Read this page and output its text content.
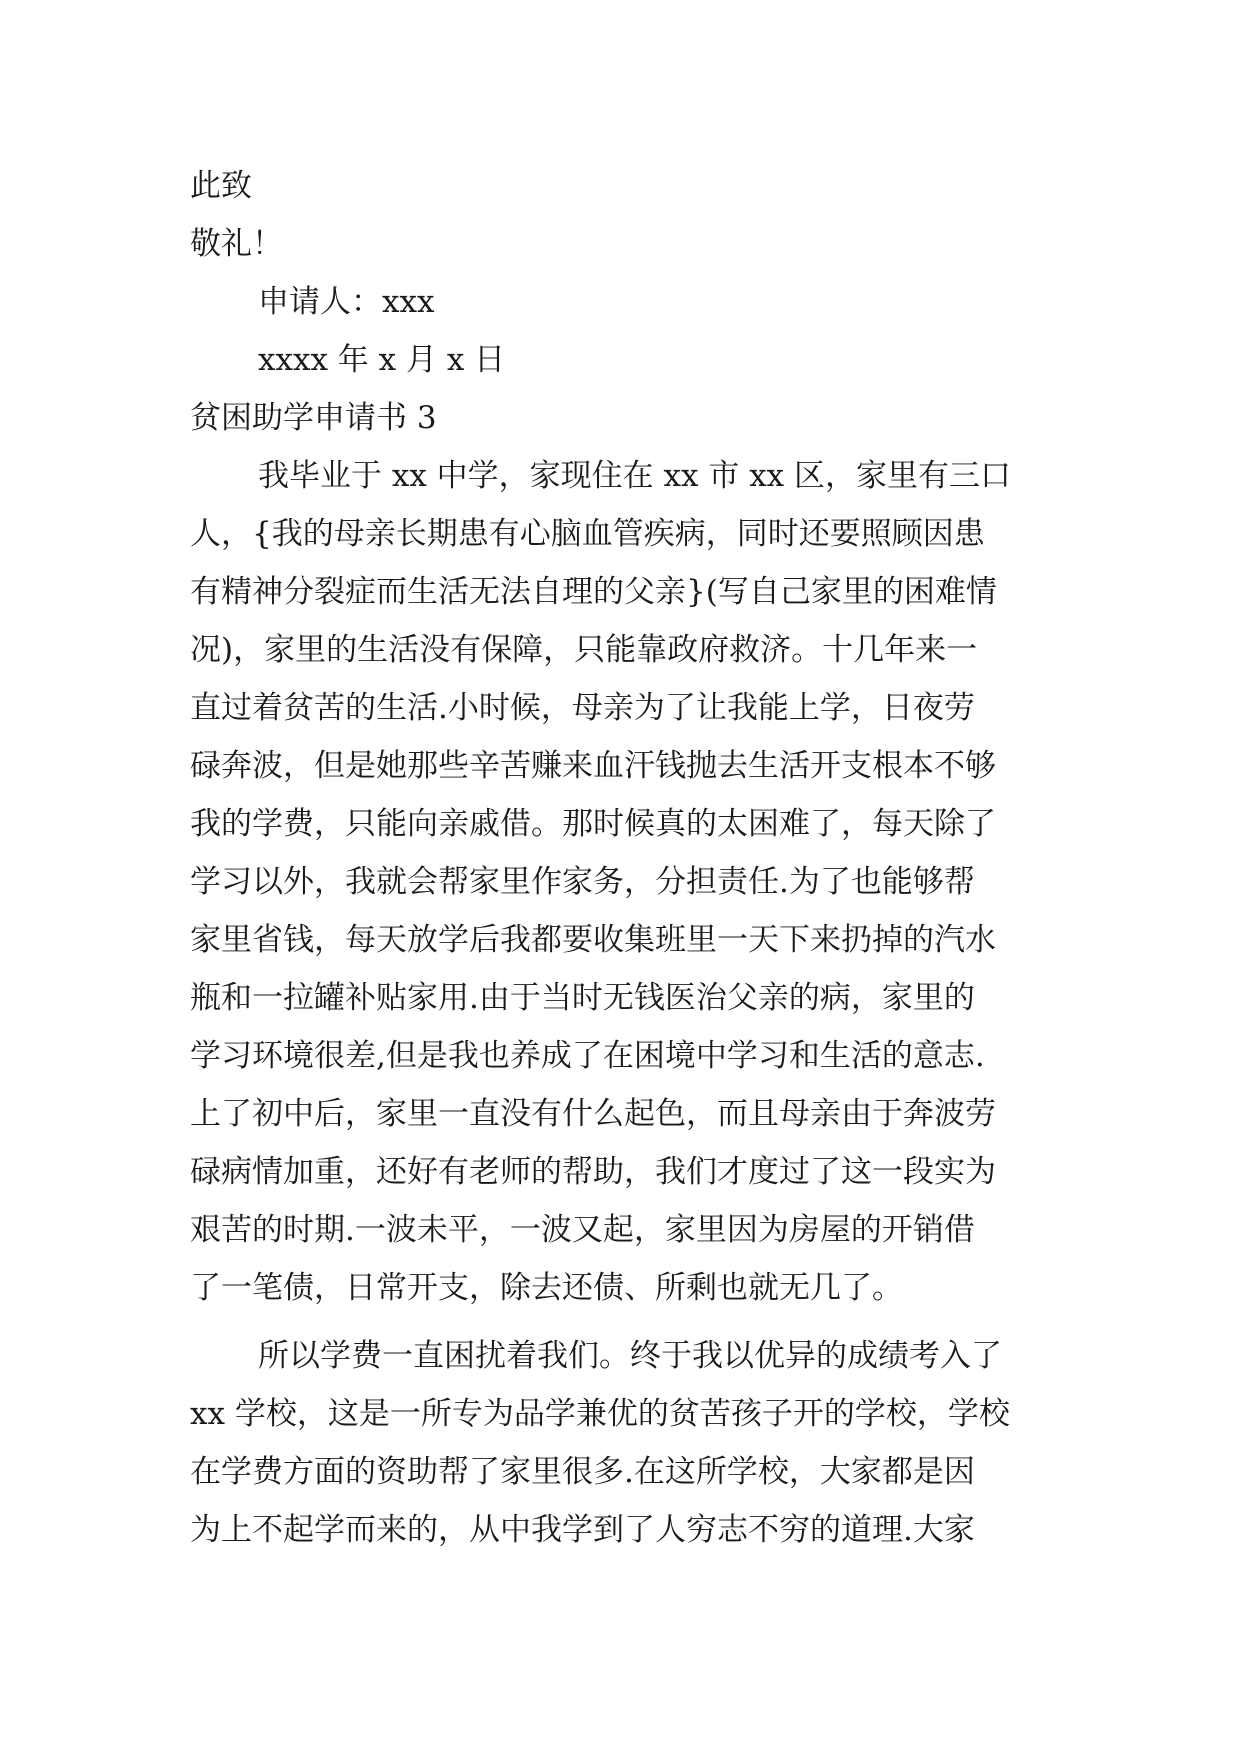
此致
敬礼！
申请人：xxx
xxxx 年 x 月 x 日
贫困助学申请书 3
我毕业于 xx 中学，家现住在 xx 市 xx 区，家里有三口
人，{我的母亲长期患有心脑血管疾病，同时还要照顾因患
有精神分裂症而生活无法自理的父亲}(写自己家里的困难情
况)，家里的生活没有保障，只能靠政府救济。十几年来一
直过着贫苦的生活.小时候，母亲为了让我能上学，日夜劳
碌奔波，但是她那些辛苦赚来血汗钱抛去生活开支根本不够
我的学费，只能向亲戚借。那时候真的太困难了，每天除了
学习以外，我就会帮家里作家务，分担责任.为了也能够帮
家里省钱，每天放学后我都要收集班里一天下来扔掉的汽水
瓶和一拉罐补贴家用.由于当时无钱医治父亲的病，家里的
学习环境很差,但是我也养成了在困境中学习和生活的意志.
上了初中后，家里一直没有什么起色，而且母亲由于奔波劳
碌病情加重，还好有老师的帮助，我们才度过了这一段实为
艰苦的时期.一波未平，一波又起，家里因为房屋的开销借
了一笔债，日常开支，除去还债、所剩也就无几了。
所以学费一直困扰着我们。终于我以优异的成绩考入了
xx 学校，这是一所专为品学兼优的贫苦孩子开的学校，学校
在学费方面的资助帮了家里很多.在这所学校，大家都是因
为上不起学而来的，从中我学到了人穷志不穷的道理.大家
